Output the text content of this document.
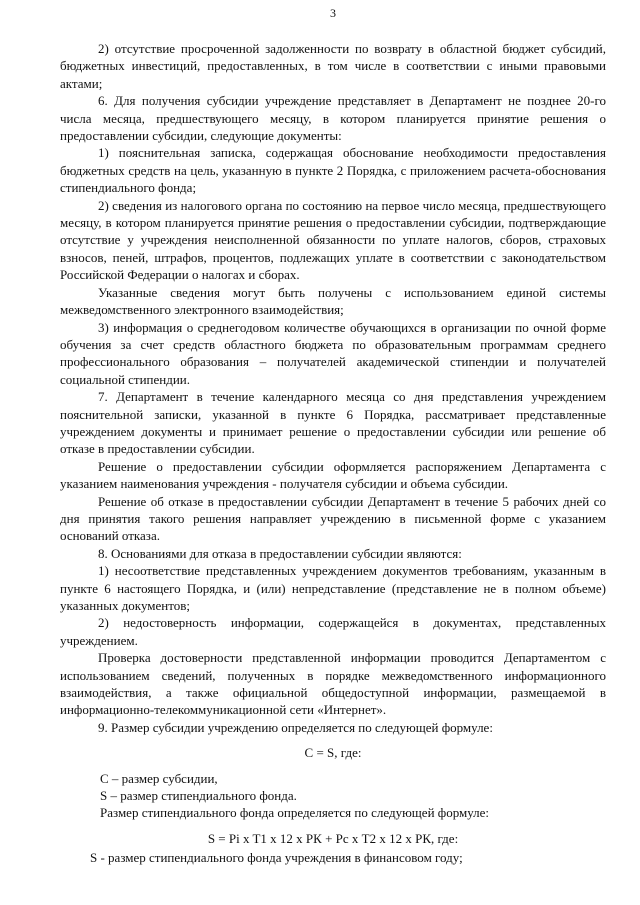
3

2) отсутствие просроченной задолженности по возврату в областной бюджет субсидий, бюджетных инвестиций, предоставленных, в том числе в соответствии с иными правовыми актами;

6. Для получения субсидии учреждение представляет в Департамент не позднее 20-го числа месяца, предшествующего месяцу, в котором планируется принятие решения о предоставлении субсидии, следующие документы:

1) пояснительная записка, содержащая обоснование необходимости предоставления бюджетных средств на цель, указанную в пункте 2 Порядка, с приложением расчета-обоснования стипендиального фонда;

2) сведения из налогового органа по состоянию на первое число месяца, предшествующего месяцу, в котором планируется принятие решения о предоставлении субсидии, подтверждающие отсутствие у учреждения неисполненной обязанности по уплате налогов, сборов, страховых взносов, пеней, штрафов, процентов, подлежащих уплате в соответствии с законодательством Российской Федерации о налогах и сборах.

Указанные сведения могут быть получены с использованием единой системы межведомственного электронного взаимодействия;

3) информация о среднегодовом количестве обучающихся в организации по очной форме обучения за счет средств областного бюджета по образовательным программам среднего профессионального образования – получателей академической стипендии и получателей социальной стипендии.

7. Департамент в течение календарного месяца со дня представления учреждением пояснительной записки, указанной в пункте 6 Порядка, рассматривает представленные учреждением документы и принимает решение о предоставлении субсидии или решение об отказе в предоставлении субсидии.

Решение о предоставлении субсидии оформляется распоряжением Департамента с указанием наименования учреждения - получателя субсидии и объема субсидии.

Решение об отказе в предоставлении субсидии Департамент в течение 5 рабочих дней со дня принятия такого решения направляет учреждению в письменной форме с указанием оснований отказа.

8. Основаниями для отказа в предоставлении субсидии являются:

1) несоответствие представленных учреждением документов требованиям, указанным в пункте 6 настоящего Порядка, и (или) непредставление (представление не в полном объеме) указанных документов;

2) недостоверность информации, содержащейся в документах, представленных учреждением.

Проверка достоверности представленной информации проводится Департаментом с использованием сведений, полученных в порядке межведомственного информационного взаимодействия, а также официальной общедоступной информации, размещаемой в информационно-телекоммуникационной сети «Интернет».

9. Размер субсидии учреждению определяется по следующей формуле:

С = S, где:

С – размер субсидии,

S – размер стипендиального фонда.

Размер стипендиального фонда определяется по следующей формуле:

S = Pi x T1 x 12 x РК + Рс x Т2 x 12 x РК, где:

S - размер стипендиального фонда учреждения в финансовом году;
